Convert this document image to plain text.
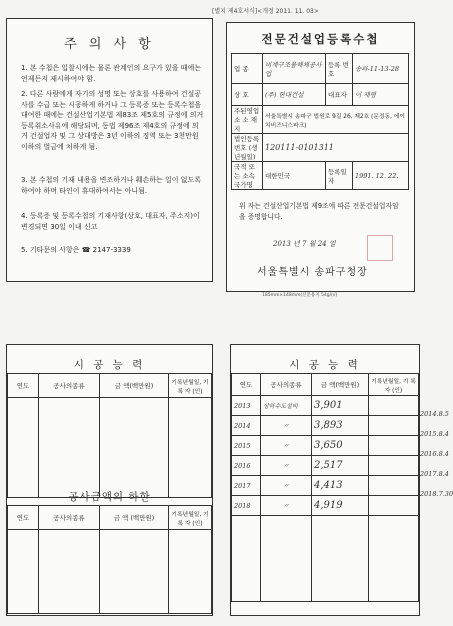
주 의 사 항
1. 본 수첩은 입찰시에는 물론 관계인의 요구가 있을 때에는 언제든지 제시하여야 함.
2. 다른 사람에게 자기의 성명 또는 상호를 사용하여 건설공사를 수급 또는 시공하게 하거나 그 등록증 또는 등록수첩을 대여한 때에는 건설산업기본법 제83조 제5호의 규정에 의거 등록취소사유에 해당되며, 동법 제96조 제4호의 규정에 의거 건설업자 및 그 상대방은 3년 이하의 징역 또는 3천만원 이하의 벌금에 처하게 됨.
3. 본 수첩의 기재 내용을 변조하거나 훼손하는 일이 없도록 하여야 하며 타인이 휴대하여서는 아니됨.
4. 등록증 및 등록수첩의 기재사항(상호, 대표자, 주소지)이 변경되면 30일 이내 신고
5. 기타문의 사항은 ☎ 2147-3339
[별지 제4호서식]<개정 2011. 11. 03>
전문건설업등록수첩
업 종	비계구조물해체공사업	등록 번호	송파-11-13-28
상 호	(주) 현대건설	대표자	이 재평
주된영업소 소 재 지	서울특별시 송파구 법원로 9길 26, 제2호 (문정동, 에이치비즈니스파크)		
법인등록번호 (생년월일)	120111-0101311		
국적 또는 소속국가명	대한민국	등록일자	1991. 12. 22.
위 자는 건설산업기본법 제9조에 따른 전문건설업자임을 증명합니다.
2013 년 7 월 24 일
서울특별시 송파구청장
185mm×148mm(신문용지 54g/㎡)
시 공 능 력
연도	공사의종류	금 액(백만원)	기록년월일, 기 록 자 (인)

공사금액의 하한
연도	공사의종류	금 액 (백만원)	기록년월일, 기 록 자 (인)

시 공 능 력
연도	공사의종류	금 액(백만원)	기록년월일, 기 록 자 (인)
2013	상하수도설비	3,901	
2014	〃	3,893	
2015	〃	3,650	
2016	〃	2,517	
2017	〃	4,413	
2018	〃	4,919	

2014.8.5
2015.8.4
2016.8.4
2017.8.4
2018.7.30
